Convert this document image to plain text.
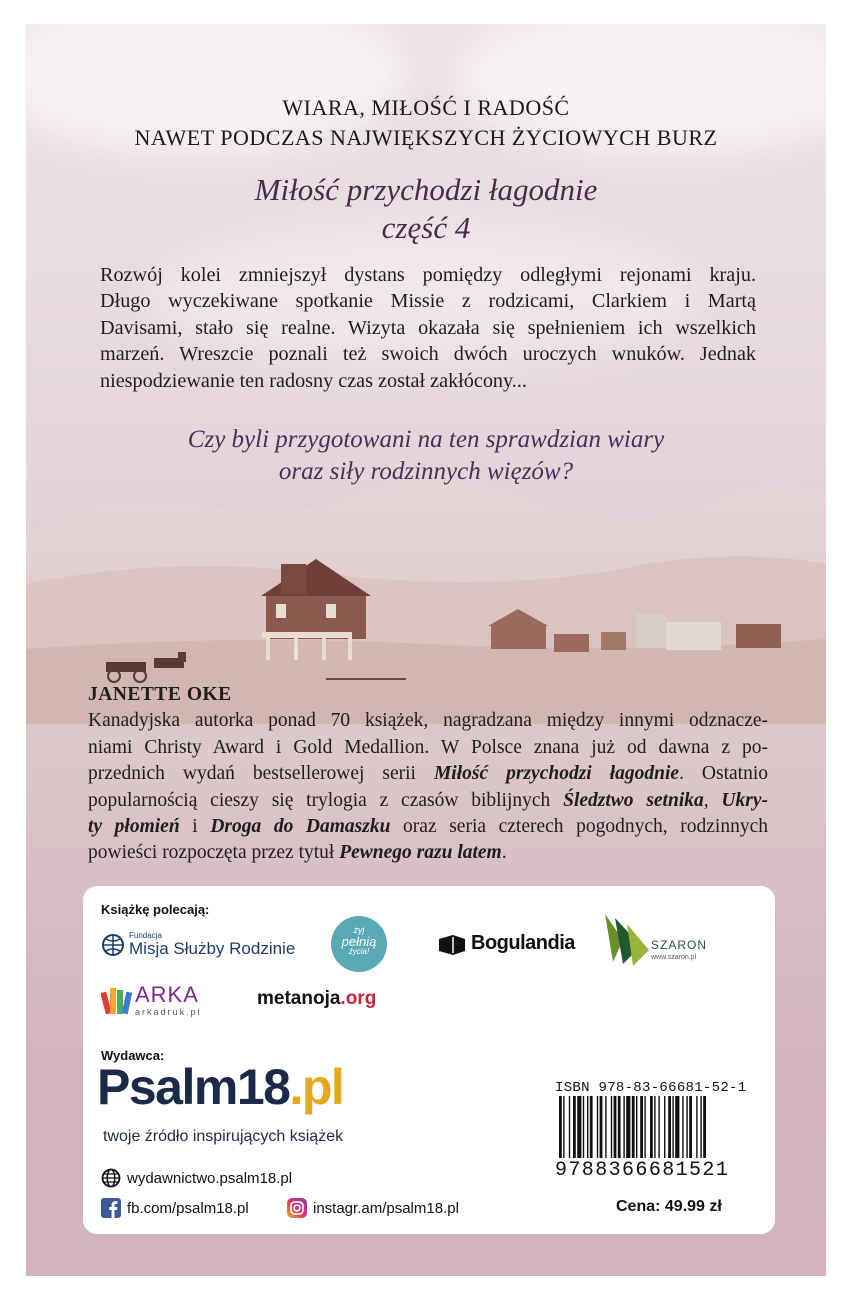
WIARA, MIŁOŚĆ I RADOŚĆ
NAWET PODCZAS NAJWIĘKSZYCH ŻYCIOWYCH BURZ
Miłość przychodzi łagodnie
część 4
Rozwój kolei zmniejszył dystans pomiędzy odległymi rejonami kraju.
Długo wyczekiwane spotkanie Missie z rodzicami, Clarkiem i Martą
Davisami, stało się realne. Wizyta okazała się spełnieniem ich wszelkich
marzeń. Wreszcie poznali też swoich dwóch uroczych wnuków. Jednak
niespodziewanie ten radosny czas został zakłócony...
Czy byli przygotowani na ten sprawdzian wiary
oraz siły rodzinnych więzów?
JANETTE OKE
Kanadyjska autorka ponad 70 książek, nagradzana między innymi odznacze-
niami Christy Award i Gold Medallion. W Polsce znana już od dawna z po-
przednich wydań bestsellerowej serii Miłość przychodzi łagodnie. Ostatnio
popularnością cieszy się trylogia z czasów biblijnych Śledztwo setnika, Ukry-
ty płomień i Droga do Damaszku oraz seria czterech pogodnych, rodzinnych
powieści rozpoczęta przez tytuł Pewnego razu latem.
Książkę polecają:
Fundacja
Misja Służby Rodzinie
żyj
pełnią
życia!	Bogulandia	SZARON
www.szaron.pl
ARKA
arkadruk.pl
metanoja.org
Wydawca:
Psalm18.pl
twoje źródło inspirujących książek
wydawnictwo.psalm18.pl
fb.com/psalm18.pl	instagr.am/psalm18.pl
ISBN 978-83-66681-52-1
9788366681521
Cena: 49.99 zł
